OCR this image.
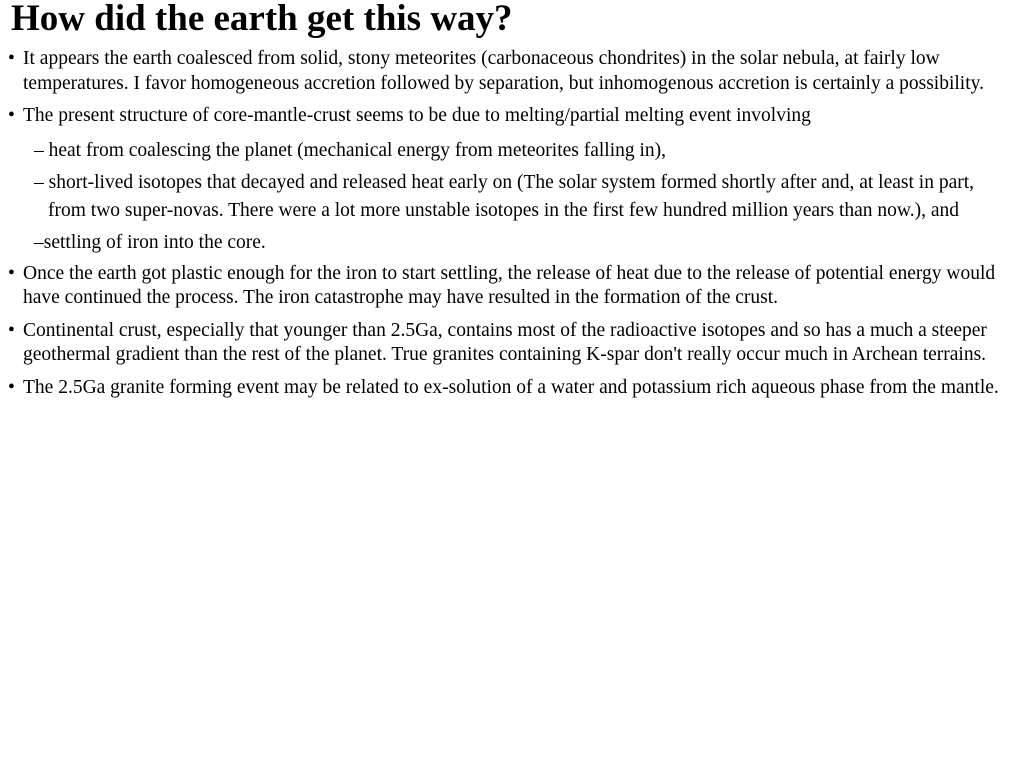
How did the earth get this way?
• It appears the earth coalesced from solid, stony meteorites (carbonaceous chondrites) in the solar nebula, at fairly low temperatures. I favor homogeneous accretion followed by separation, but inhomogenous accretion is certainly a possibility.
• The present structure of core-mantle-crust seems to be due to melting/partial melting event involving
– heat from coalescing the planet (mechanical energy from meteorites falling in),
– short-lived isotopes that decayed and released heat early on (The solar system formed shortly after and, at least in part, from two super-novas. There were a lot more unstable isotopes in the first few hundred million years than now.), and
–settling of iron into the core.
• Once the earth got plastic enough for the iron to start settling, the release of heat due to the release of potential energy would have continued the process. The iron catastrophe may have resulted in the formation of the crust.
• Continental crust, especially that younger than 2.5Ga, contains most of the radioactive isotopes and so has a much a steeper geothermal gradient than the rest of the planet. True granites containing K-spar don't really occur much in Archean terrains.
• The 2.5Ga granite forming event may be related to ex-solution of a water and potassium rich aqueous phase from the mantle.
